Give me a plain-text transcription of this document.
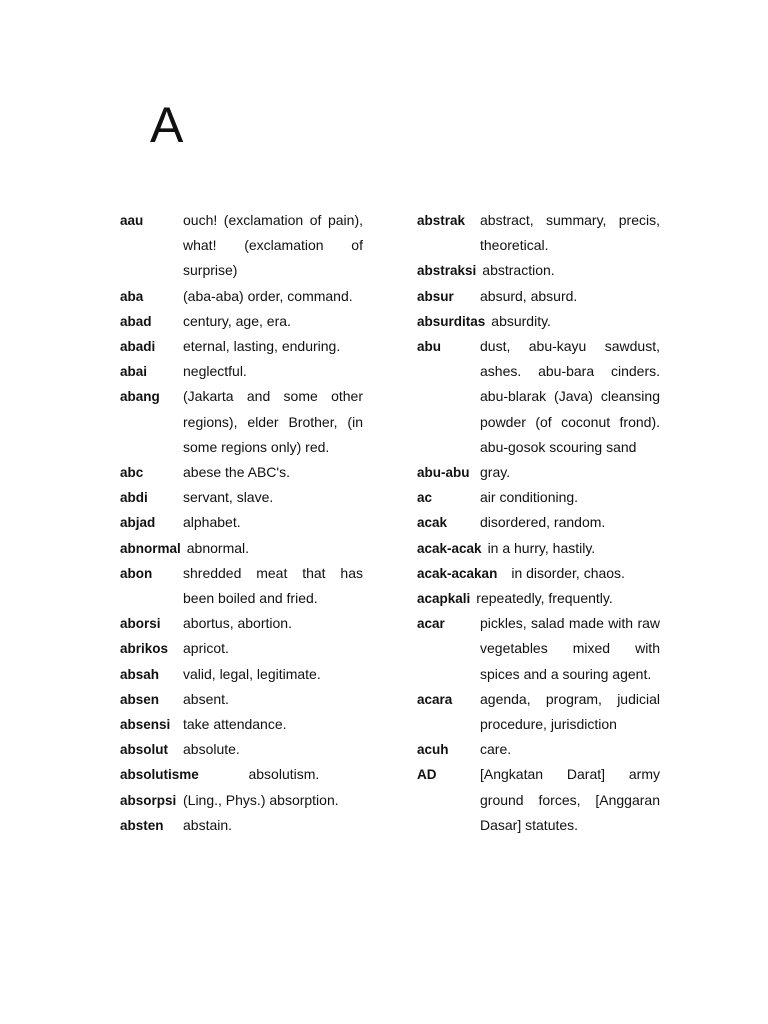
A
aau	ouch! (exclamation of pain), what! (exclamation of surprise)
aba	(aba-aba) order, command.
abad	century, age, era.
abadi	eternal, lasting, enduring.
abai	neglectful.
abang	(Jakarta and some other regions), elder Brother, (in some regions only) red.
abc	abese the ABC's.
abdi	servant, slave.
abjad	alphabet.
abnormal abnormal.
abon	shredded meat that has been boiled and fried.
aborsi	abortus, abortion.
abrikos	apricot.
absah	valid, legal, legitimate.
absen	absent.
absensi take attendance.
absolut	absolute.
absolutisme	absolutism.
absorpsi (Ling., Phys.) absorption.
absten	abstain.
abstrak	abstract, summary, precis, theoretical.
abstraksi abstraction.
absur	absurd, absurd.
absurditas absurdity.
abu	dust, abu-kayu sawdust, ashes. abu-bara cinders. abu-blarak (Java) cleansing powder (of coconut frond). abu-gosok scouring sand
abu-abu gray.
ac	air conditioning.
acak	disordered, random.
acak-acak in a hurry, hastily.
acak-acakan	in disorder, chaos.
acapkali repeatedly, frequently.
acar	pickles, salad made with raw vegetables mixed with spices and a souring agent.
acara	agenda, program, judicial procedure, jurisdiction
acuh	care.
AD	[Angkatan Darat] army ground forces, [Anggaran Dasar] statutes.
